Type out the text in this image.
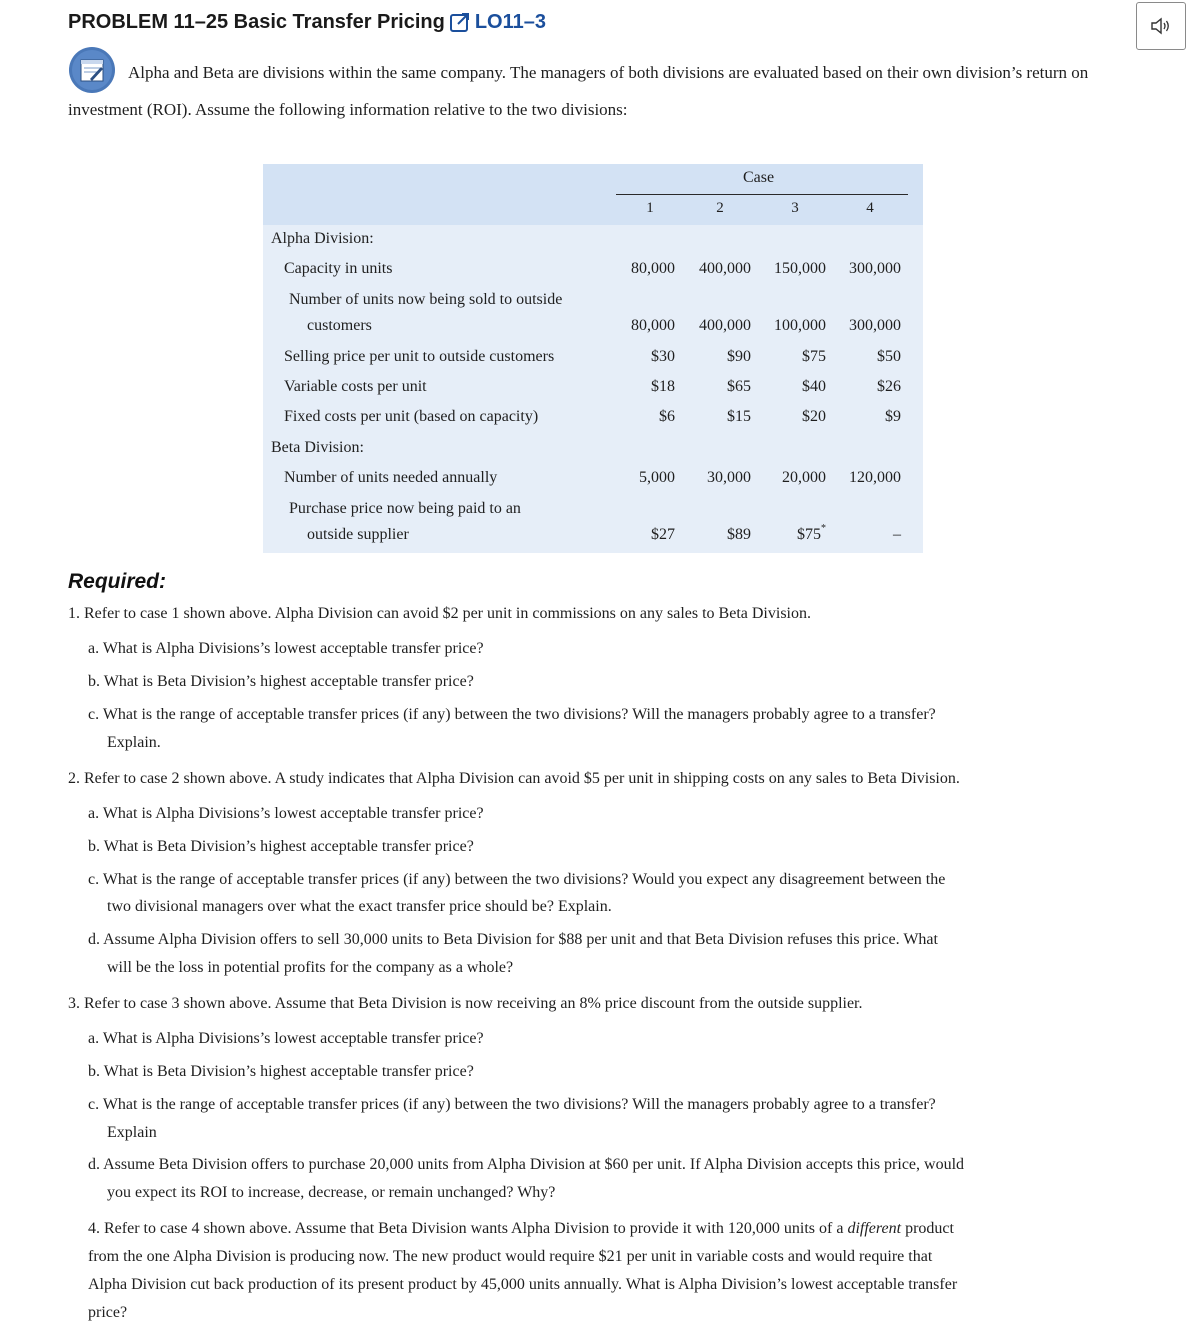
PROBLEM 11–25 Basic Transfer Pricing LO11–3
Alpha and Beta are divisions within the same company. The managers of both divisions are evaluated based on their own division’s return on investment (ROI). Assume the following information relative to the two divisions:
Case
1	2	3	4
Alpha Division:
Capacity in units	80,000	400,000	150,000	300,000
Number of units now being sold to outside
customers	80,000	400,000	100,000	300,000
Selling price per unit to outside customers	$30	$90	$75	$50
Variable costs per unit	$18	$65	$40	$26
Fixed costs per unit (based on capacity)	$6	$15	$20	$9
Beta Division:
Number of units needed annually	5,000	30,000	20,000	120,000
Purchase price now being paid to an
outside supplier	$27	$89	$75*	–
Required:
1. Refer to case 1 shown above. Alpha Division can avoid $2 per unit in commissions on any sales to Beta Division.
a. What is Alpha Divisions’s lowest acceptable transfer price?
b. What is Beta Division’s highest acceptable transfer price?
c. What is the range of acceptable transfer prices (if any) between the two divisions? Will the managers probably agree to a transfer?
Explain.
2. Refer to case 2 shown above. A study indicates that Alpha Division can avoid $5 per unit in shipping costs on any sales to Beta Division.
a. What is Alpha Divisions’s lowest acceptable transfer price?
b. What is Beta Division’s highest acceptable transfer price?
c. What is the range of acceptable transfer prices (if any) between the two divisions? Would you expect any disagreement between the
two divisional managers over what the exact transfer price should be? Explain.
d. Assume Alpha Division offers to sell 30,000 units to Beta Division for $88 per unit and that Beta Division refuses this price. What
will be the loss in potential profits for the company as a whole?
3. Refer to case 3 shown above. Assume that Beta Division is now receiving an 8% price discount from the outside supplier.
a. What is Alpha Divisions’s lowest acceptable transfer price?
b. What is Beta Division’s highest acceptable transfer price?
c. What is the range of acceptable transfer prices (if any) between the two divisions? Will the managers probably agree to a transfer?
Explain
d. Assume Beta Division offers to purchase 20,000 units from Alpha Division at $60 per unit. If Alpha Division accepts this price, would
you expect its ROI to increase, decrease, or remain unchanged? Why?
4. Refer to case 4 shown above. Assume that Beta Division wants Alpha Division to provide it with 120,000 units of a different product
from the one Alpha Division is producing now. The new product would require $21 per unit in variable costs and would require that
Alpha Division cut back production of its present product by 45,000 units annually. What is Alpha Division’s lowest acceptable transfer
price?
